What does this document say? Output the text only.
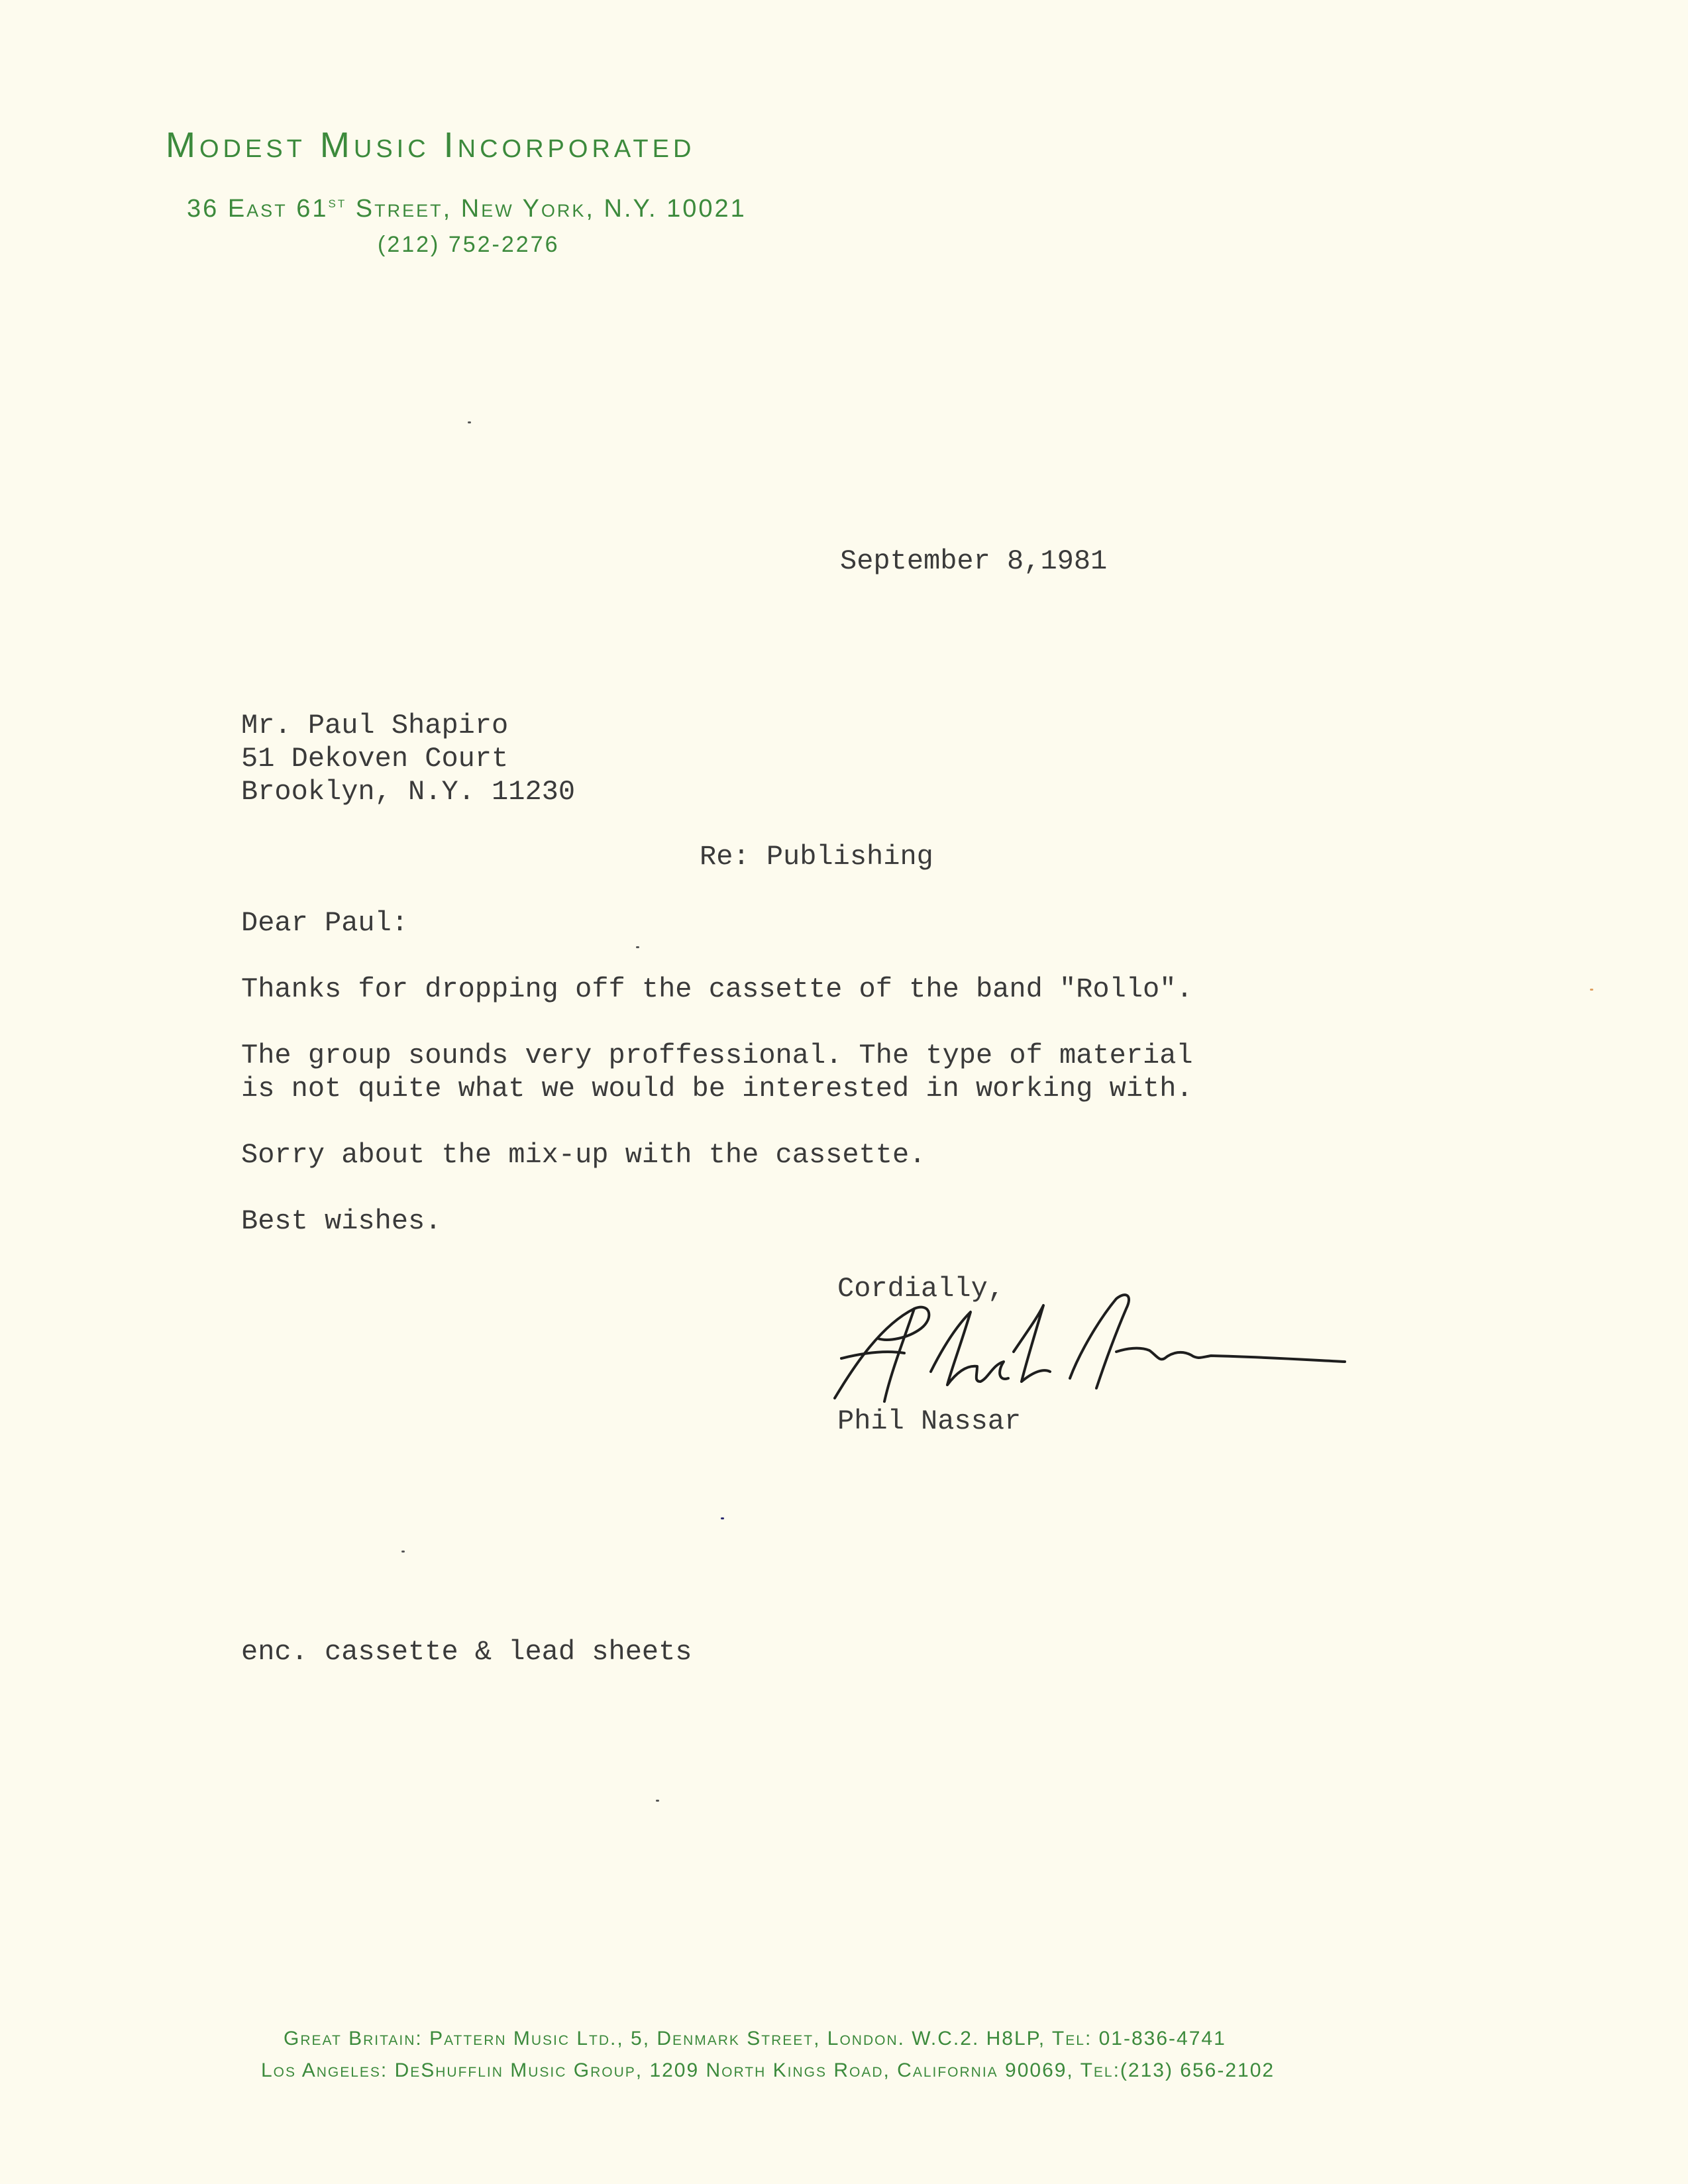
Modest Music Incorporated
36 East 61st Street, New York, N.Y. 10021
(212) 752-2276
September 8,1981
Mr. Paul Shapiro
51 Dekoven Court
Brooklyn, N.Y. 11230
Re: Publishing
Dear Paul:
Thanks for dropping off the cassette of the band "Rollo".
The group sounds very proffessional. The type of material
is not quite what we would be interested in working with.
Sorry about the mix-up with the cassette.
Best wishes.
Cordially,
Phil Nassar
enc. cassette & lead sheets
Great Britain: Pattern Music Ltd., 5, Denmark Street, London. W.C.2. H8LP, Tel: 01-836-4741
Los Angeles: DeShufflin Music Group, 1209 North Kings Road, California 90069, Tel:(213) 656-2102
